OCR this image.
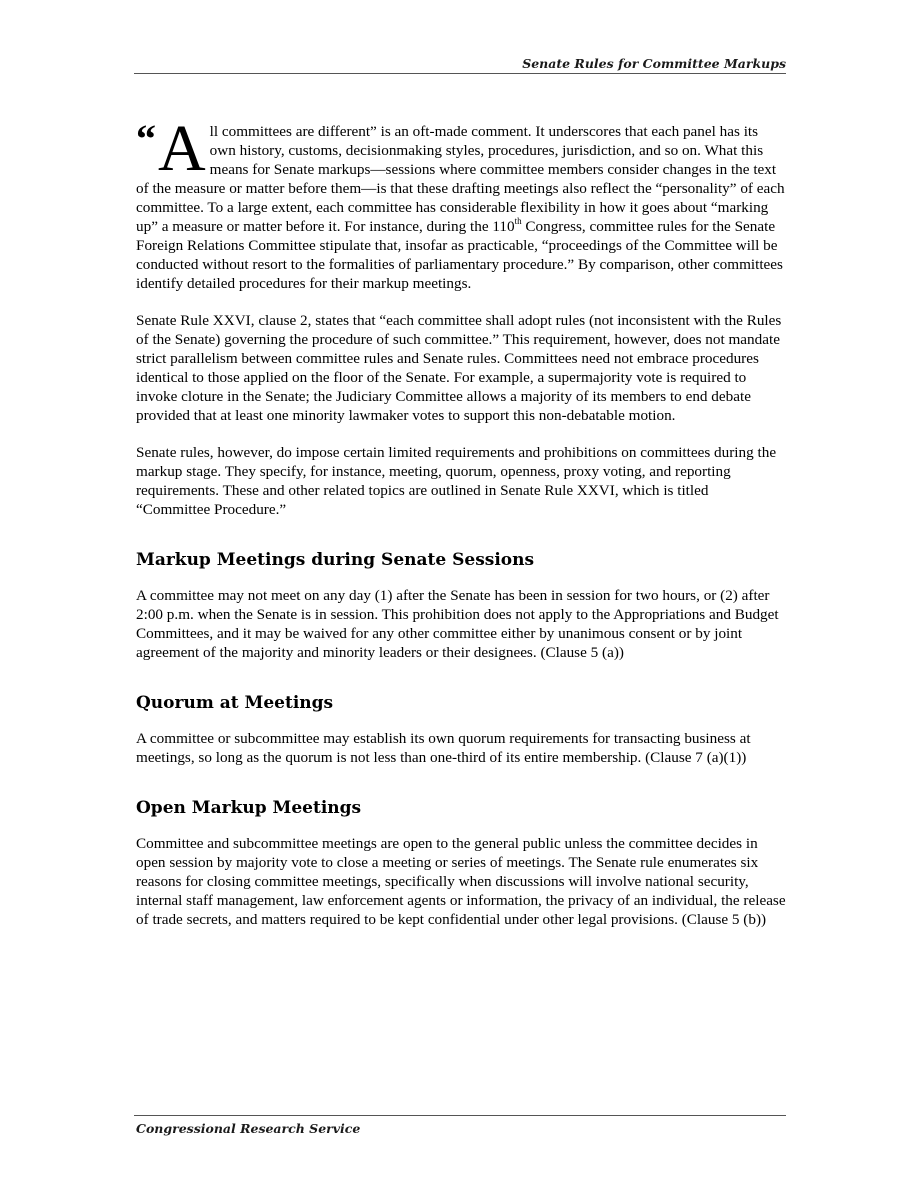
Senate Rules for Committee Markups

“ A ll committees are different” is an oft-made comment. It underscores that each panel has its own history, customs, decisionmaking styles, procedures, jurisdiction, and so on. What this means for Senate markups—sessions where committee members consider changes in the text of the measure or matter before them—is that these drafting meetings also reflect the “personality” of each committee. To a large extent, each committee has considerable flexibility in how it goes about “marking up” a measure or matter before it. For instance, during the 110th Congress, committee rules for the Senate Foreign Relations Committee stipulate that, insofar as practicable, “proceedings of the Committee will be conducted without resort to the formalities of parliamentary procedure.” By comparison, other committees identify detailed procedures for their markup meetings.

Senate Rule XXVI, clause 2, states that “each committee shall adopt rules (not inconsistent with the Rules of the Senate) governing the procedure of such committee.” This requirement, however, does not mandate strict parallelism between committee rules and Senate rules. Committees need not embrace procedures identical to those applied on the floor of the Senate. For example, a supermajority vote is required to invoke cloture in the Senate; the Judiciary Committee allows a majority of its members to end debate provided that at least one minority lawmaker votes to support this non-debatable motion.

Senate rules, however, do impose certain limited requirements and prohibitions on committees during the markup stage. They specify, for instance, meeting, quorum, openness, proxy voting, and reporting requirements. These and other related topics are outlined in Senate Rule XXVI, which is titled “Committee Procedure.”

Markup Meetings during Senate Sessions

A committee may not meet on any day (1) after the Senate has been in session for two hours, or (2) after 2:00 p.m. when the Senate is in session. This prohibition does not apply to the Appropriations and Budget Committees, and it may be waived for any other committee either by unanimous consent or by joint agreement of the majority and minority leaders or their designees. (Clause 5 (a))

Quorum at Meetings

A committee or subcommittee may establish its own quorum requirements for transacting business at meetings, so long as the quorum is not less than one-third of its entire membership. (Clause 7 (a)(1))

Open Markup Meetings

Committee and subcommittee meetings are open to the general public unless the committee decides in open session by majority vote to close a meeting or series of meetings. The Senate rule enumerates six reasons for closing committee meetings, specifically when discussions will involve national security, internal staff management, law enforcement agents or information, the privacy of an individual, the release of trade secrets, and matters required to be kept confidential under other legal provisions. (Clause 5 (b))

Congressional Research Service
